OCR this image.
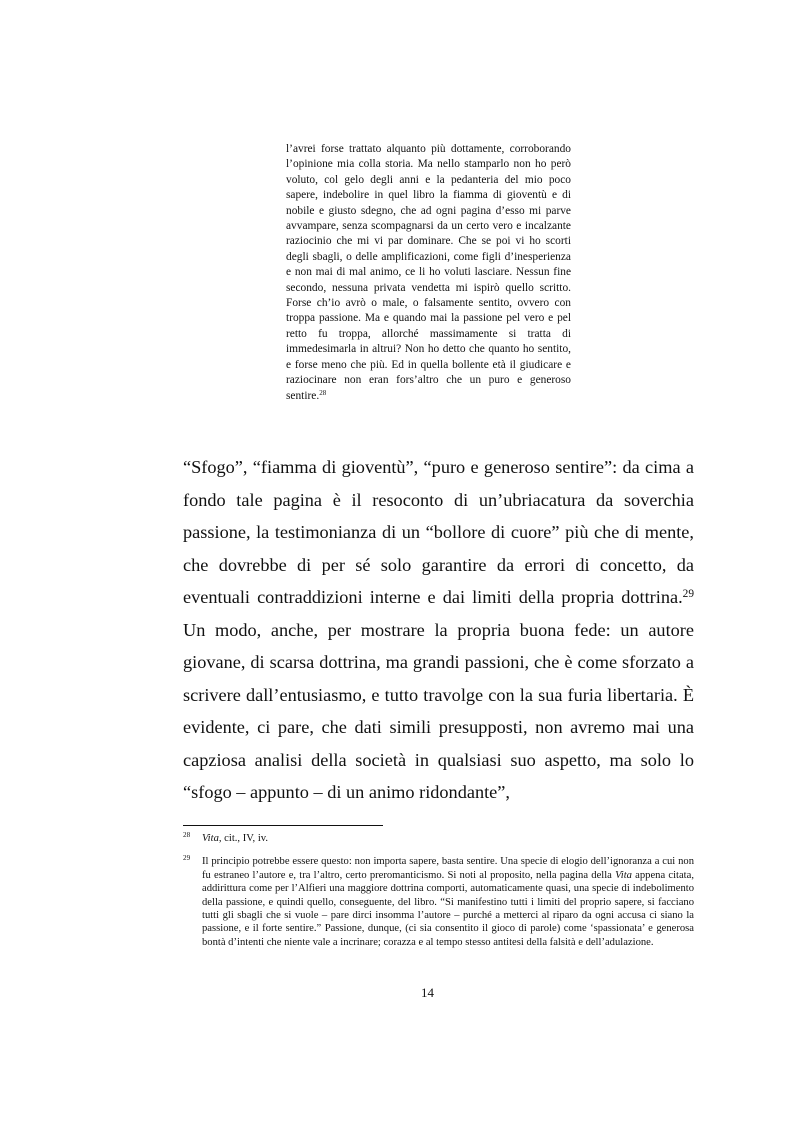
l’avrei forse trattato alquanto più dottamente, corroborando l’opinione mia colla storia. Ma nello stamparlo non ho però voluto, col gelo degli anni e la pedanteria del mio poco sapere, indebolire in quel libro la fiamma di gioventù e di nobile e giusto sdegno, che ad ogni pagina d’esso mi parve avvampare, senza scompagnarsi da un certo vero e incalzante raziocinio che mi vi par dominare. Che se poi vi ho scorti degli sbagli, o delle amplificazioni, come figli d’inesperienza e non mai di mal animo, ce li ho voluti lasciare. Nessun fine secondo, nessuna privata vendetta mi ispirò quello scritto. Forse ch’io avrò o male, o falsamente sentito, ovvero con troppa passione. Ma e quando mai la passione pel vero e pel retto fu troppa, allorché massimamente si tratta di immedesimarla in altrui? Non ho detto che quanto ho sentito, e forse meno che più. Ed in quella bollente età il giudicare e raziocinare non eran fors’altro che un puro e generoso sentire.$^{28}$
“Sfogo”, “fiamma di gioventù”, “puro e generoso sentire”: da cima a fondo tale pagina è il resoconto di un’ubriacatura da soverchia passione, la testimonianza di un “bollore di cuore” più che di mente, che dovrebbe di per sé solo garantire da errori di concetto, da eventuali contraddizioni interne e dai limiti della propria dottrina.$^{29}$ Un modo, anche, per mostrare la propria buona fede: un autore giovane, di scarsa dottrina, ma grandi passioni, che è come sforzato a scrivere dall’entusiasmo, e tutto travolge con la sua furia libertaria. È evidente, ci pare, che dati simili presupposti, non avremo mai una capziosa analisi della società in qualsiasi suo aspetto, ma solo lo “sfogo – appunto – di un animo ridondante”,
28 Vita, cit., IV, iv.
29 Il principio potrebbe essere questo: non importa sapere, basta sentire. Una specie di elogio dell’ignoranza a cui non fu estraneo l’autore e, tra l’altro, certo preromanticismo. Si noti al proposito, nella pagina della Vita appena citata, addirittura come per l’Alfieri una maggiore dottrina comporti, automaticamente quasi, una specie di indebolimento della passione, e quindi quello, conseguente, del libro. “Si manifestino tutti i limiti del proprio sapere, si facciano tutti gli sbagli che si vuole – pare dirci insomma l’autore – purché a metterci al riparo da ogni accusa ci siano la passione, e il forte sentire.” Passione, dunque, (ci sia consentito il gioco di parole) come ‘spassionata’ e generosa bontà d’intenti che niente vale a incrinare; corazza e al tempo stesso antitesi della falsità e dell’adulazione.
14
